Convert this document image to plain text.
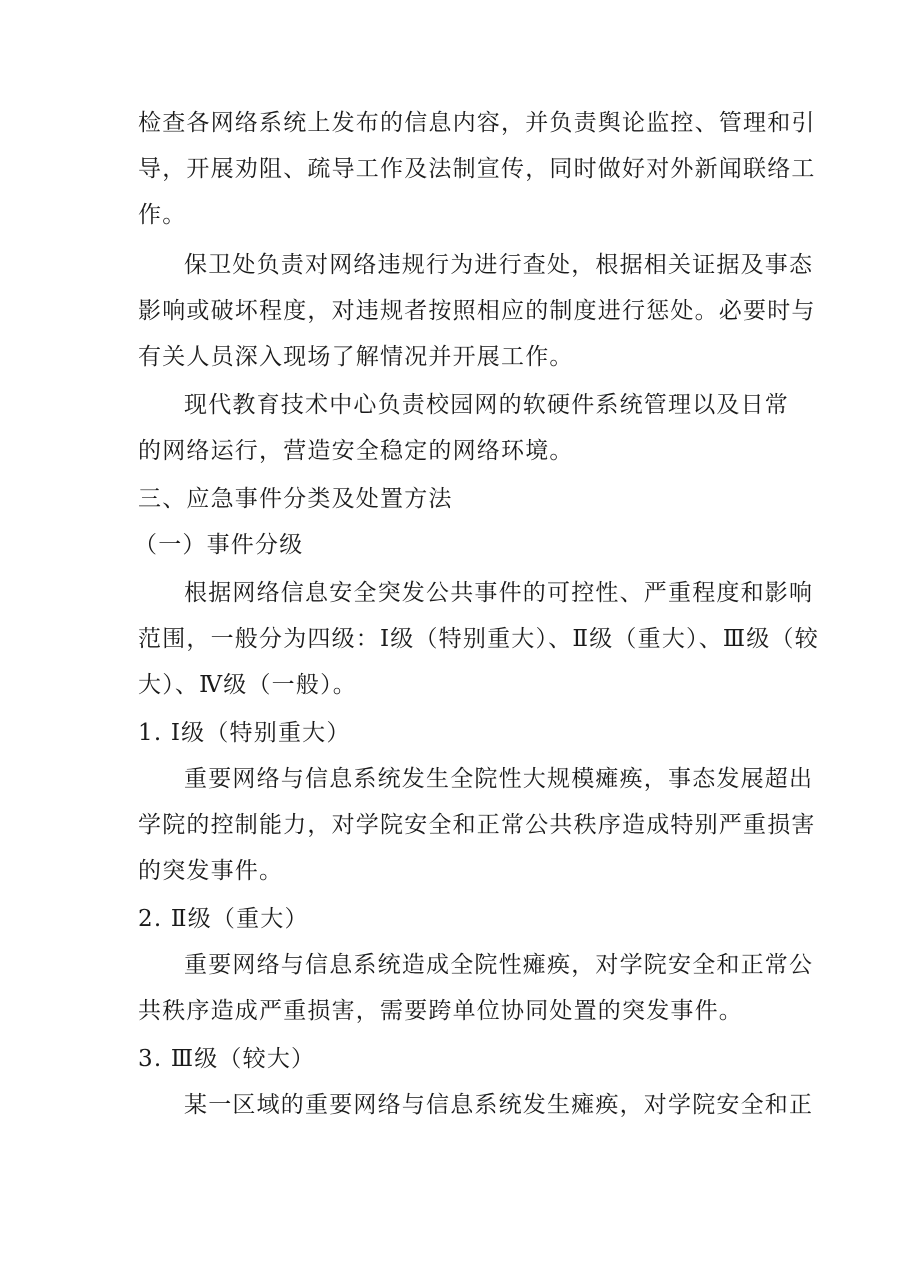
检查各网络系统上发布的信息内容，并负责舆论监控、管理和引
导，开展劝阻、疏导工作及法制宣传，同时做好对外新闻联络工
作。
保卫处负责对网络违规行为进行查处，根据相关证据及事态
影响或破坏程度，对违规者按照相应的制度进行惩处。必要时与
有关人员深入现场了解情况并开展工作。
现代教育技术中心负责校园网的软硬件系统管理以及日常
的网络运行，营造安全稳定的网络环境。
三、应急事件分类及处置方法
（一）事件分级
根据网络信息安全突发公共事件的可控性、严重程度和影响
范围，一般分为四级：Ⅰ级（特别重大）、Ⅱ级（重大）、Ⅲ级（较
大）、Ⅳ级（一般）。
1. Ⅰ级（特别重大）
重要网络与信息系统发生全院性大规模瘫痪，事态发展超出
学院的控制能力，对学院安全和正常公共秩序造成特别严重损害
的突发事件。
2. Ⅱ级（重大）
重要网络与信息系统造成全院性瘫痪，对学院安全和正常公
共秩序造成严重损害，需要跨单位协同处置的突发事件。
3. Ⅲ级（较大）
某一区域的重要网络与信息系统发生瘫痪，对学院安全和正
